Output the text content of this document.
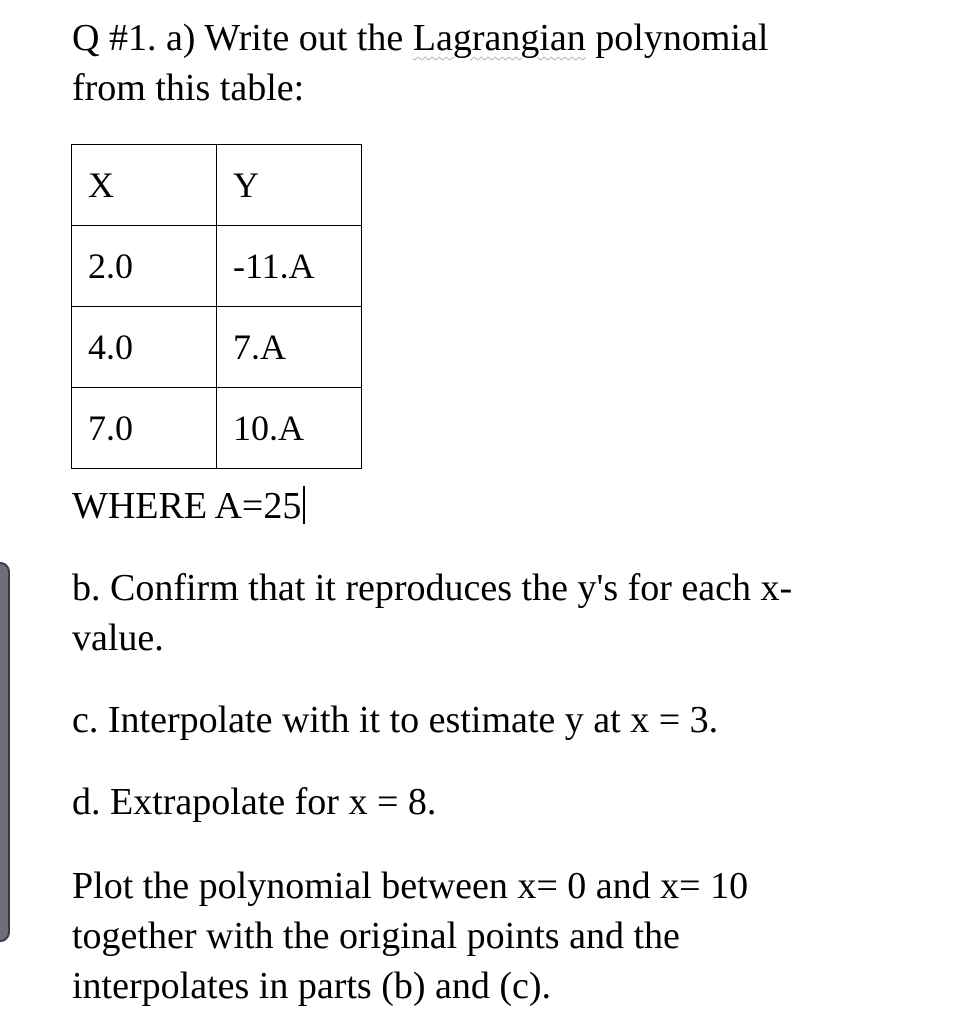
Q #1. a) Write out the Lagrangian polynomial
from this table:
X	Y
2.0	-11.A
4.0	7.A
7.0	10.A
WHERE A=25
b. Confirm that it reproduces the y's for each x-
value.
c. Interpolate with it to estimate y at x = 3.
d. Extrapolate for x = 8.
Plot the polynomial between x= 0 and x= 10
together with the original points and the
interpolates in parts (b) and (c).
